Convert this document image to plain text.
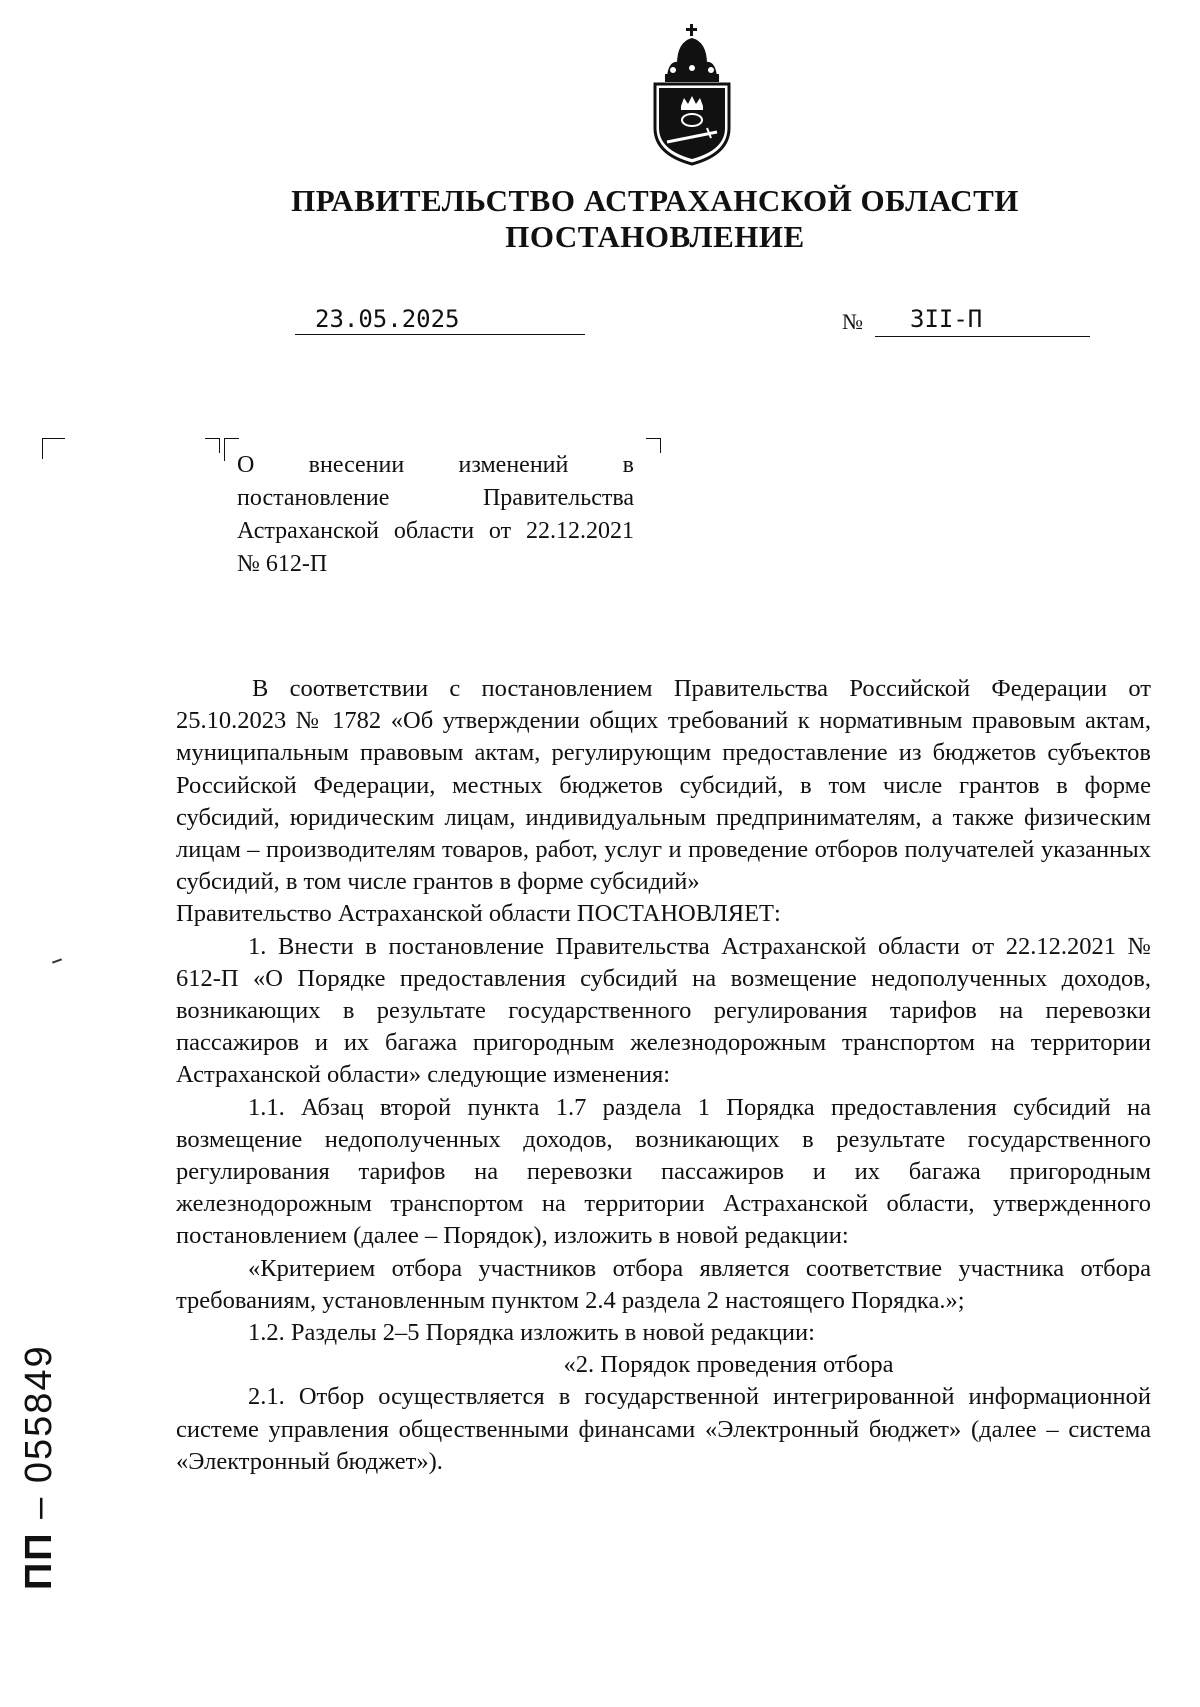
ПРАВИТЕЛЬСТВО АСТРАХАНСКОЙ ОБЛАСТИ
ПОСТАНОВЛЕНИЕ
23.05.2025	№	3II-П
О внесении изменений в постановление Правительства Астраханской области от 22.12.2021 № 612-П

В соответствии с постановлением Правительства Российской Федерации от 25.10.2023 № 1782 «Об утверждении общих требований к нормативным правовым актам, муниципальным правовым актам, регулирующим предоставление из бюджетов субъектов Российской Федерации, местных бюджетов субсидий, в том числе грантов в форме субсидий, юридическим лицам, индивидуальным предпринимателям, а также физическим лицам – производителям товаров, работ, услуг и проведение отборов получателей указанных субсидий, в том числе грантов в форме субсидий»

Правительство Астраханской области ПОСТАНОВЛЯЕТ:

1. Внести в постановление Правительства Астраханской области от 22.12.2021 № 612-П «О Порядке предоставления субсидий на возмещение недополученных доходов, возникающих в результате государственного регулирования тарифов на перевозки пассажиров и их багажа пригородным железнодорожным транспортом на территории Астраханской области» следующие изменения:

1.1. Абзац второй пункта 1.7 раздела 1 Порядка предоставления субсидий на возмещение недополученных доходов, возникающих в результате государственного регулирования тарифов на перевозки пассажиров и их багажа пригородным железнодорожным транспортом на территории Астраханской области, утвержденного постановлением (далее – Порядок), изложить в новой редакции:

«Критерием отбора участников отбора является соответствие участника отбора требованиям, установленным пунктом 2.4 раздела 2 настоящего Порядка.»;

1.2. Разделы 2–5 Порядка изложить в новой редакции:

«2. Порядок проведения отбора

2.1. Отбор осуществляется в государственной интегрированной информационной системе управления общественными финансами «Электронный бюджет» (далее – система «Электронный бюджет»).

ПП – 055849
